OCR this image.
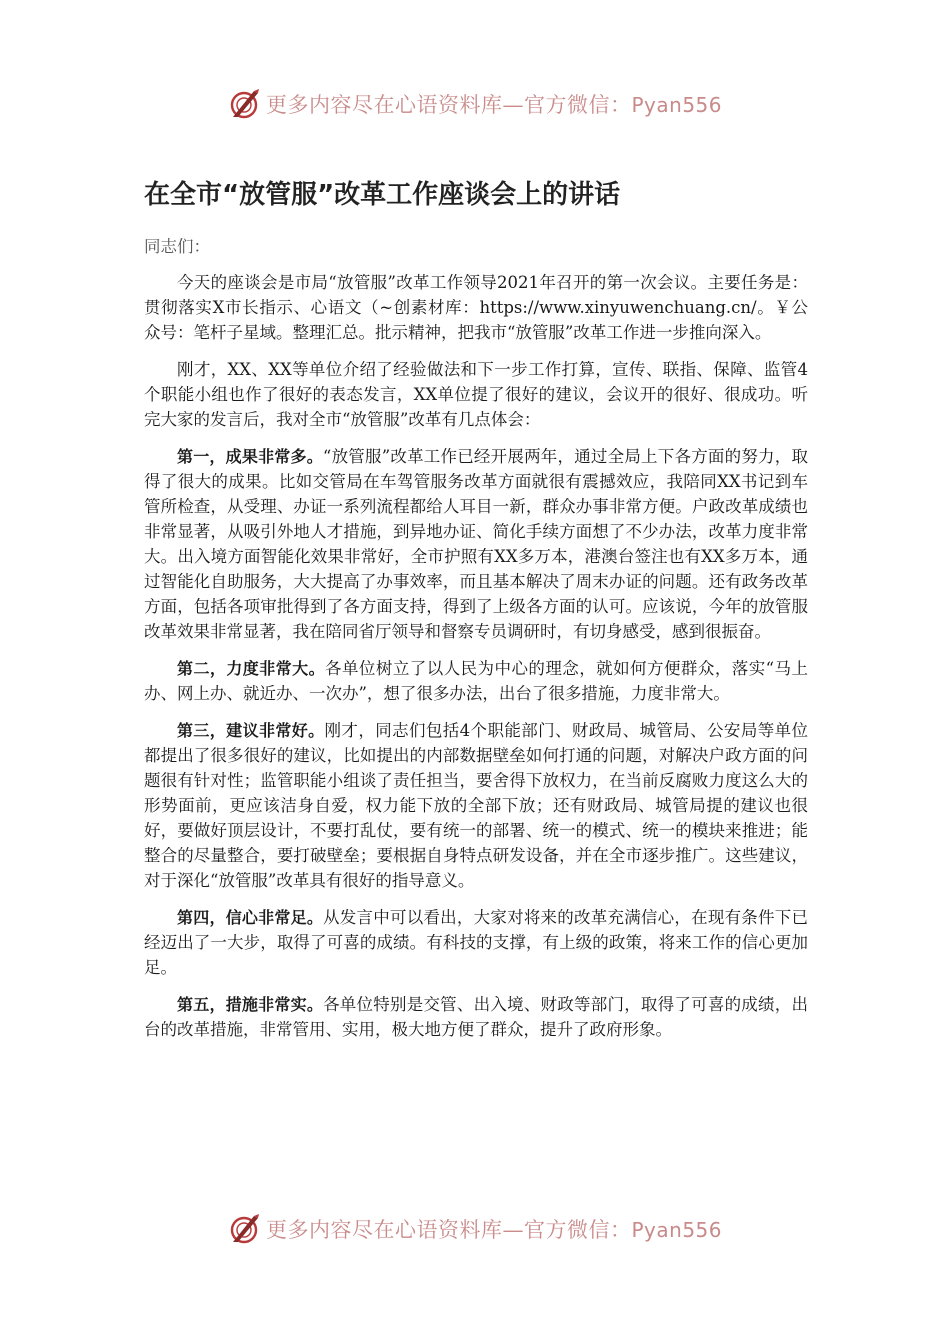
更多内容尽在心语资料库—官方微信：Pyan556
在全市“放管服”改革工作座谈会上的讲话

同志们：

今天的座谈会是市局“放管服”改革工作领导2021年召开的第一次会议。主要任务是：贯彻落实X市长指示、心语文（~创素材库：https://www.xinyuwenchuang.cn/。￥公众号：笔杆子星域。整理汇总。批示精神，把我市“放管服”改革工作进一步推向深入。

刚才，XX、XX等单位介绍了经验做法和下一步工作打算，宣传、联指、保障、监管4个职能小组也作了很好的表态发言，XX单位提了很好的建议，会议开的很好、很成功。听完大家的发言后，我对全市“放管服”改革有几点体会：

第一，成果非常多。“放管服”改革工作已经开展两年，通过全局上下各方面的努力，取得了很大的成果。比如交管局在车驾管服务改革方面就很有震撼效应，我陪同XX书记到车管所检查，从受理、办证一系列流程都给人耳目一新，群众办事非常方便。户政改革成绩也非常显著，从吸引外地人才措施，到异地办证、简化手续方面想了不少办法，改革力度非常大。出入境方面智能化效果非常好，全市护照有XX多万本，港澳台签注也有XX多万本，通过智能化自助服务，大大提高了办事效率，而且基本解决了周末办证的问题。还有政务改革方面，包括各项审批得到了各方面支持，得到了上级各方面的认可。应该说，今年的放管服改革效果非常显著，我在陪同省厅领导和督察专员调研时，有切身感受，感到很振奋。

第二，力度非常大。各单位树立了以人民为中心的理念，就如何方便群众，落实“马上办、网上办、就近办、一次办”，想了很多办法，出台了很多措施，力度非常大。

第三，建议非常好。刚才，同志们包括4个职能部门、财政局、城管局、公安局等单位都提出了很多很好的建议，比如提出的内部数据壁垒如何打通的问题，对解决户政方面的问题很有针对性；监管职能小组谈了责任担当，要舍得下放权力，在当前反腐败力度这么大的形势面前，更应该洁身自爱，权力能下放的全部下放；还有财政局、城管局提的建议也很好，要做好顶层设计，不要打乱仗，要有统一的部署、统一的模式、统一的模块来推进；能整合的尽量整合，要打破壁垒；要根据自身特点研发设备，并在全市逐步推广。这些建议，对于深化“放管服”改革具有很好的指导意义。

第四，信心非常足。从发言中可以看出，大家对将来的改革充满信心，在现有条件下已经迈出了一大步，取得了可喜的成绩。有科技的支撑，有上级的政策，将来工作的信心更加足。

第五，措施非常实。各单位特别是交管、出入境、财政等部门，取得了可喜的成绩，出台的改革措施，非常管用、实用，极大地方便了群众，提升了政府形象。

更多内容尽在心语资料库—官方微信：Pyan556
